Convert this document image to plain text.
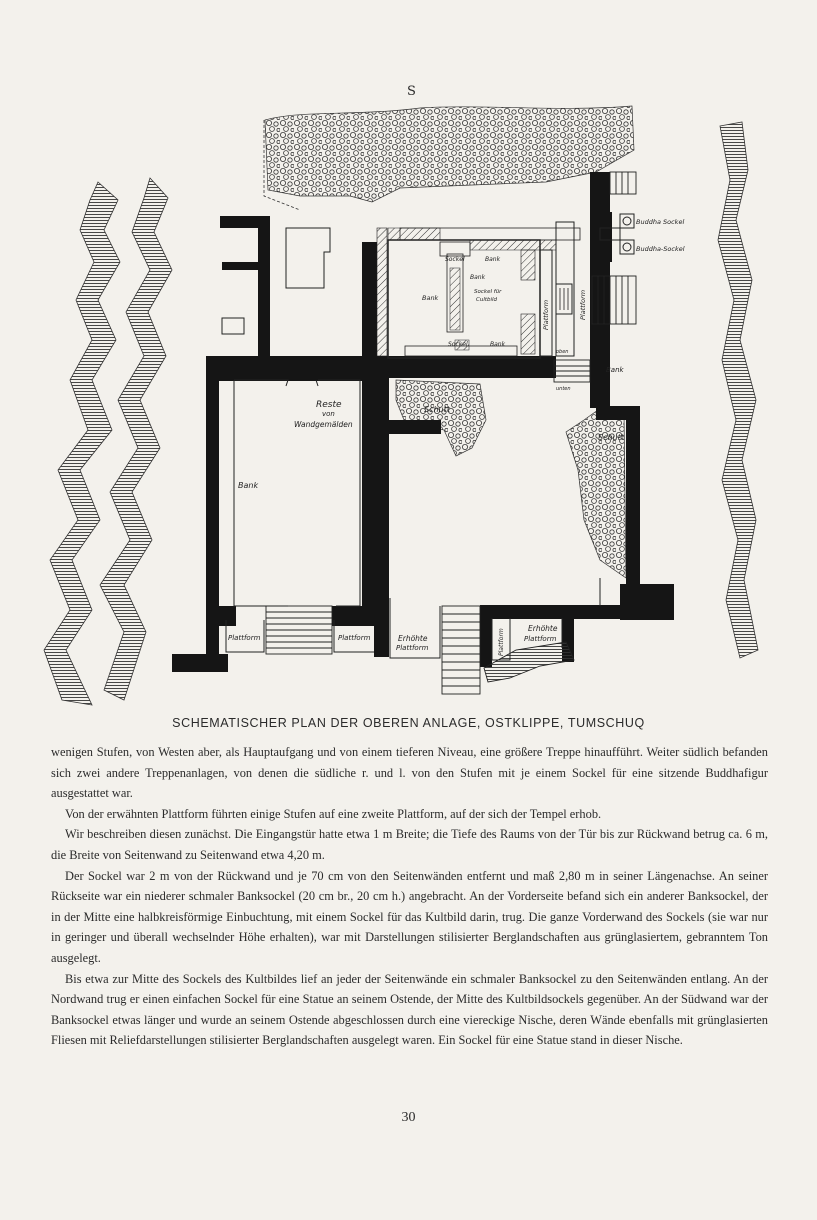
S
Buddha Sockel
Buddha-Sockel
Sockel	Bank
Bank
Sockel für
Cultbild
Bank
Plattform	Plattform
Sockel	Bank
oben
unten
Bank
Reste
von
Wandgemälden
Schutt
Schutt
Bank
Plattform	Plattform	Erhöhte
Plattform	Plattform	Erhöhte
Plattform
SCHEMATISCHER PLAN DER OBEREN ANLAGE, OSTKLIPPE, TUMSCHUQ

wenigen Stufen, von Westen aber, als Hauptaufgang und von einem tieferen Niveau, eine größere Treppe hinaufführt. Weiter südlich befanden sich zwei andere Treppenanlagen, von denen die südliche r. und l. von den Stufen mit je einem Sockel für eine sitzende Buddhafigur ausgestattet war.

Von der erwähnten Plattform führten einige Stufen auf eine zweite Plattform, auf der sich der Tempel erhob.

Wir beschreiben diesen zunächst. Die Eingangstür hatte etwa 1 m Breite; die Tiefe des Raums von der Tür bis zur Rückwand betrug ca. 6 m, die Breite von Seitenwand zu Seitenwand etwa 4,20 m.

Der Sockel war 2 m von der Rückwand und je 70 cm von den Seitenwänden entfernt und maß 2,80 m in seiner Längenachse. An seiner Rückseite war ein niederer schmaler Banksockel (20 cm br., 20 cm h.) angebracht. An der Vorderseite befand sich ein anderer Banksockel, der in der Mitte eine halbkreisförmige Einbuchtung, mit einem Sockel für das Kultbild darin, trug. Die ganze Vorderwand des Sockels (sie war nur in geringer und überall wechselnder Höhe erhalten), war mit Darstellungen stilisierter Berglandschaften aus grünglasiertem, gebranntem Ton ausgelegt.

Bis etwa zur Mitte des Sockels des Kultbildes lief an jeder der Seitenwände ein schmaler Banksockel zu den Seitenwänden entlang. An der Nordwand trug er einen einfachen Sockel für eine Statue an seinem Ostende, der Mitte des Kultbildsockels gegenüber. An der Südwand war der Banksockel etwas länger und wurde an seinem Ostende abgeschlossen durch eine viereckige Nische, deren Wände ebenfalls mit grünglasierten Fliesen mit Reliefdarstellungen stilisierter Berglandschaften ausgelegt waren. Ein Sockel für eine Statue stand in dieser Nische.

30
